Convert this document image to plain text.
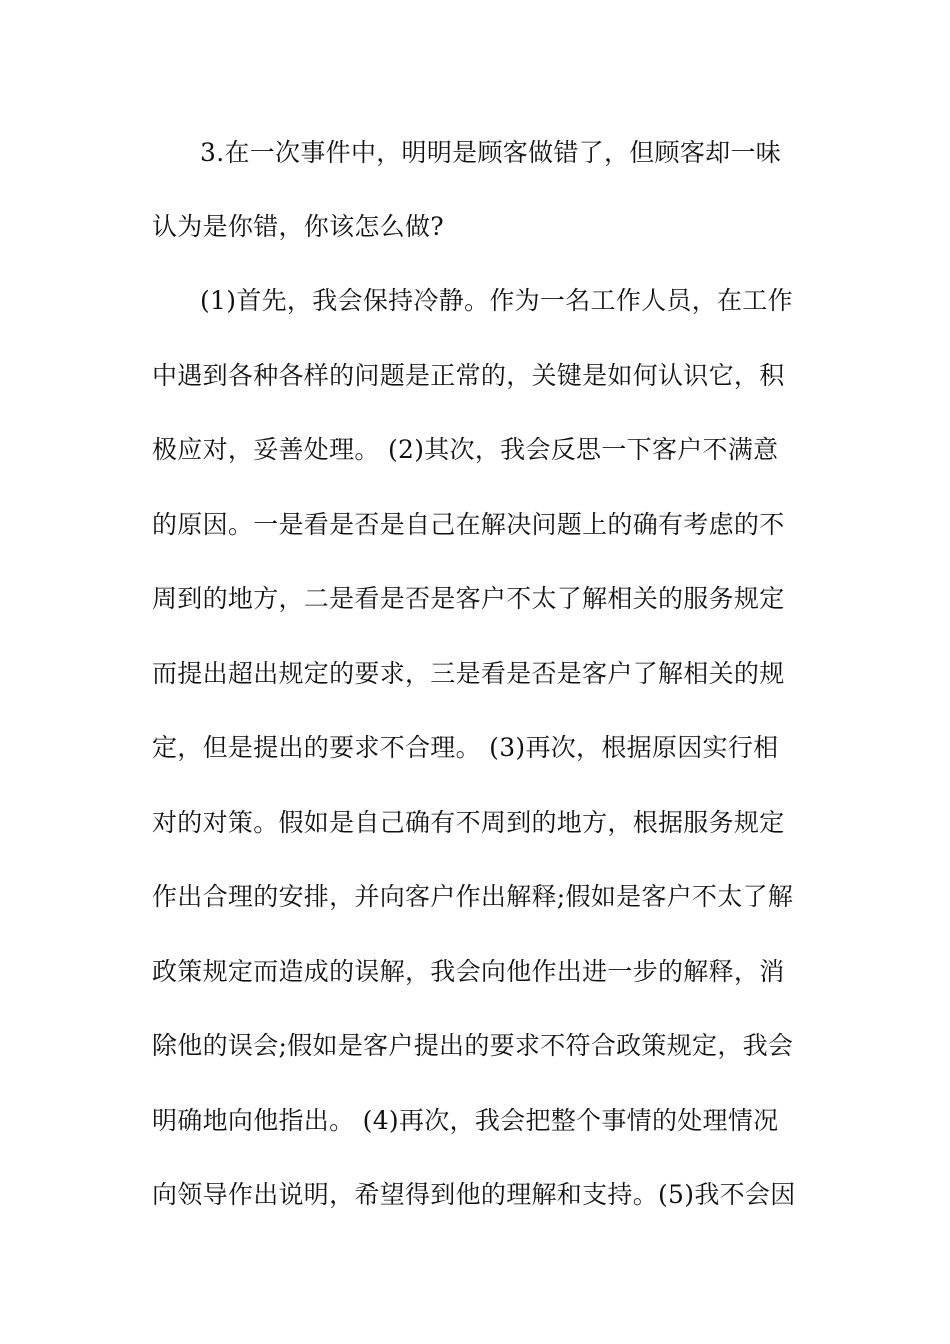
3.在一次事件中，明明是顾客做错了，但顾客却一味
认为是你错，你该怎么做?
(1)首先，我会保持冷静。作为一名工作人员，在工作
中遇到各种各样的问题是正常的，关键是如何认识它，积
极应对，妥善处理。 (2)其次，我会反思一下客户不满意
的原因。一是看是否是自己在解决问题上的确有考虑的不
周到的地方，二是看是否是客户不太了解相关的服务规定
而提出超出规定的要求，三是看是否是客户了解相关的规
定，但是提出的要求不合理。 (3)再次，根据原因实行相
对的对策。假如是自己确有不周到的地方，根据服务规定
作出合理的安排，并向客户作出解释;假如是客户不太了解
政策规定而造成的误解，我会向他作出进一步的解释，消
除他的误会;假如是客户提出的要求不符合政策规定，我会
明确地向他指出。 (4)再次，我会把整个事情的处理情况
向领导作出说明，希望得到他的理解和支持。(5)我不会因
